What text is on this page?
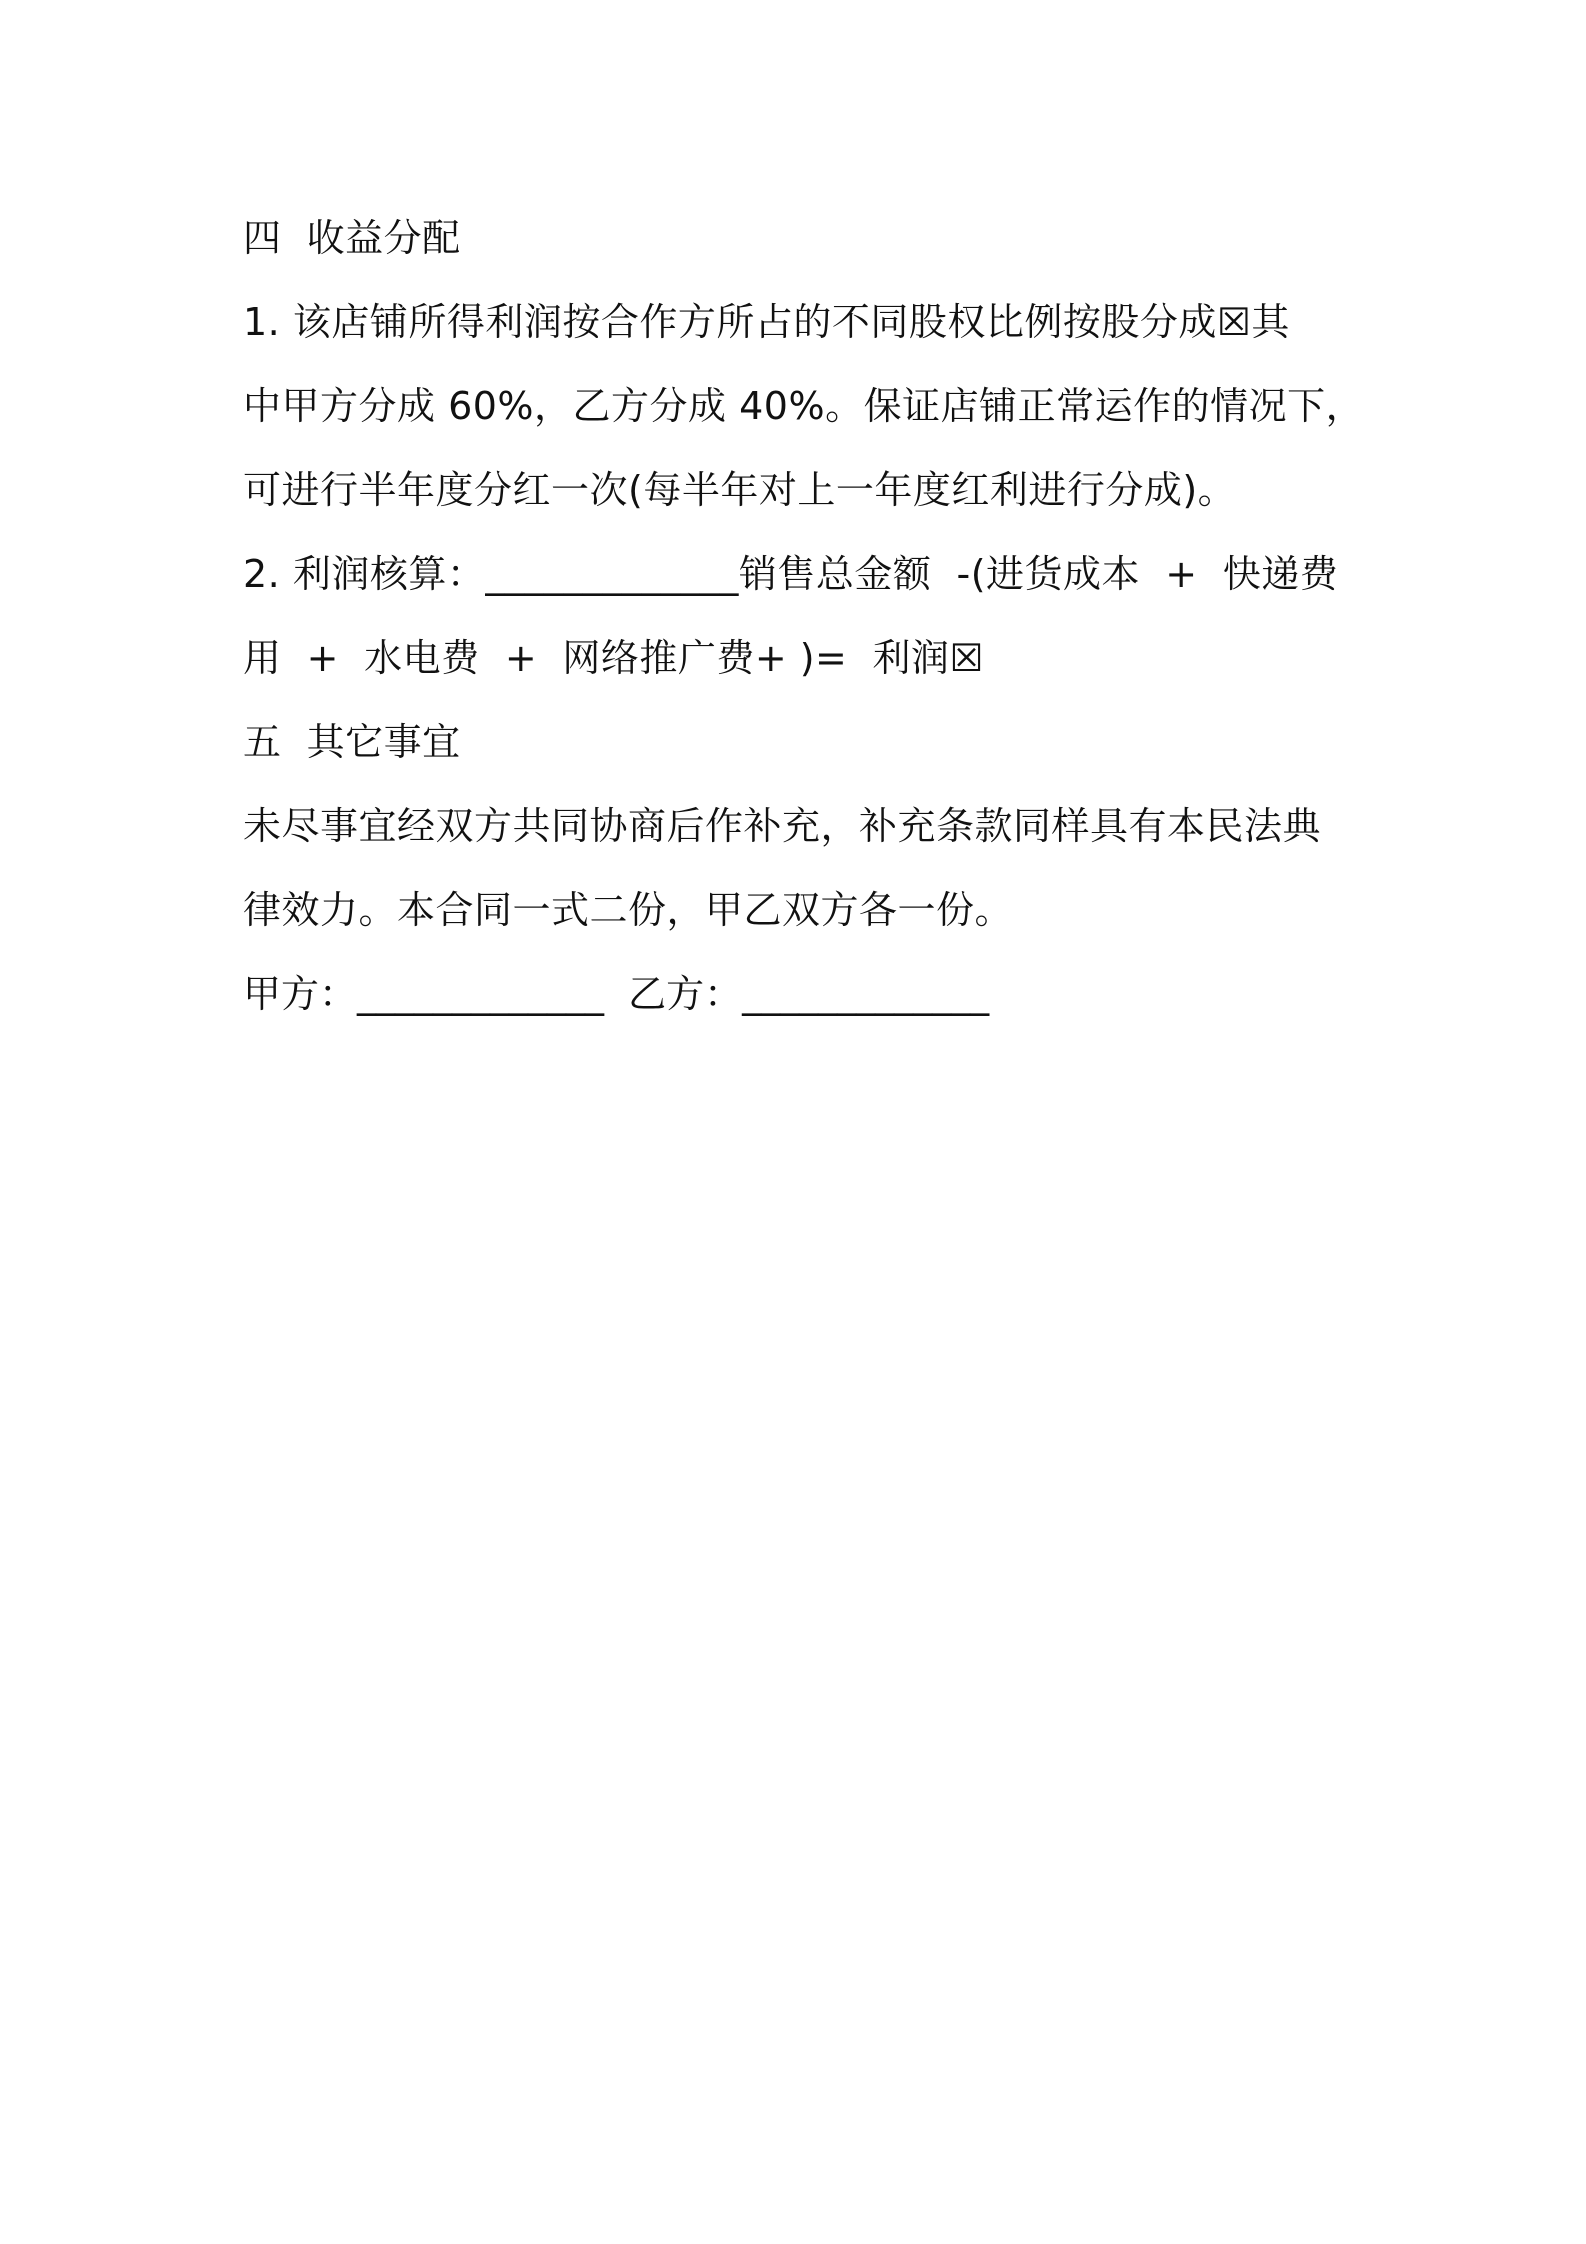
四  收益分配
1. 该店铺所得利润按合作方所占的不同股权比例按股分成☒其
中甲方分成 60%，乙方分成 40%。保证店铺正常运作的情况下，
可进行半年度分红一次(每半年对上一年度红利进行分成)。
2. 利润核算：_____________销售总金额  -(进货成本  +  快递费
用  +  水电费  +  网络推广费+ )=  利润☒
五  其它事宜
未尽事宜经双方共同协商后作补充，补充条款同样具有本民法典
律效力。本合同一式二份，甲乙双方各一份。
甲方：_____________  乙方：_____________
